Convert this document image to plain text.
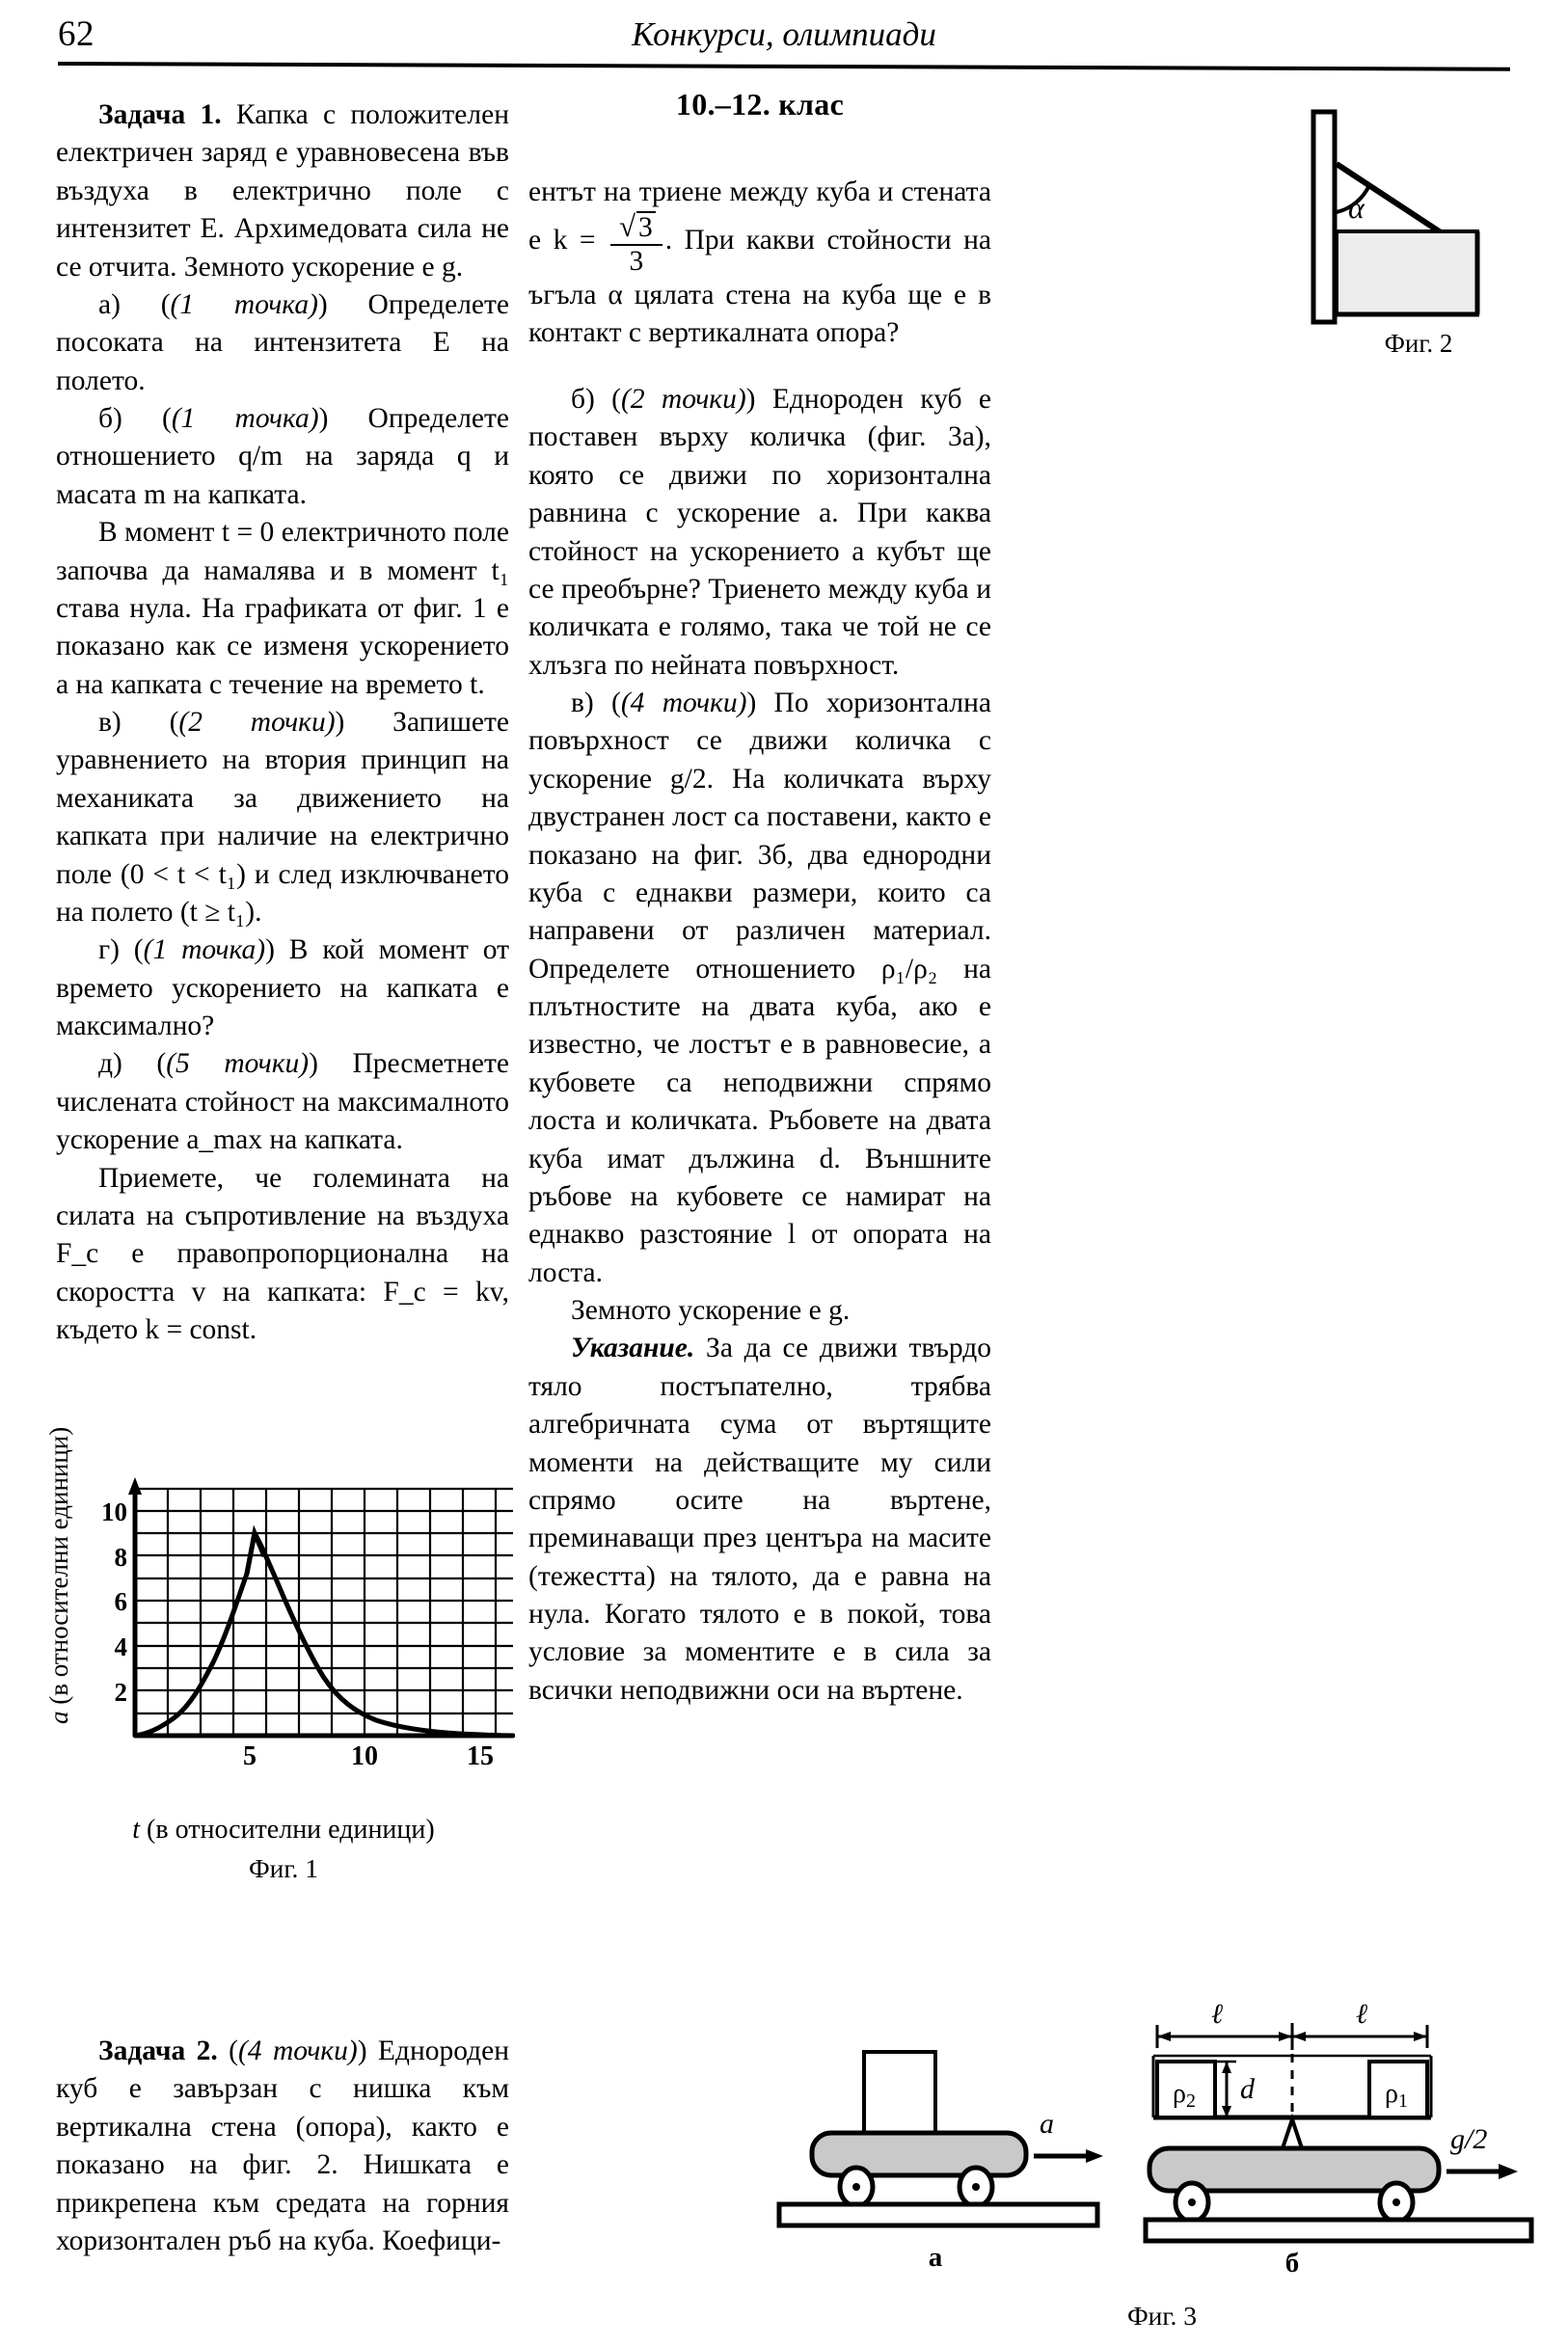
62	Конкурси, олимпиади
10.–12. клас

Задача 1. Капка с положителен електричен заряд е уравновесена във въздуха в електрично поле с интензитет E. Архимедовата сила не се отчита. Земното ускорение е g.

а) ((1 точка)) Определете посоката на интензитета E на полето.

б) ((1 точка)) Определете отношението q/m на заряда q и масата m на капката.

В момент t = 0 електричното поле започва да намалява и в момент t₁ става нула. На графиката от фиг. 1 е показано как се изменя ускорението a на капката с течение на времето t.

в) ((2 точки)) Запишете уравнението на втория принцип на механиката за движението на капката при наличие на електрично поле (0 < t < t₁) и след изключването на полето (t ≥ t₁).

г) ((1 точка)) В кой момент от времето ускорението на капката е максимално?

д) ((5 точки)) Пресметнете числената стойност на максималното ускорение a_max на капката.

Приемете, че големината на силата на съпротивление на въздуха F_c е правопропорционална на скоростта v на капката: F_c = kv, където k = const.

a (в относителни единици) 10
8
6
4
2
5	10	15
t (в относителни единици)
Фиг. 1

Задача 2. ((4 точки)) Еднороден куб е завързан с нишка към вертикална стена (опора), както е показано на фиг. 2. Нишката е прикрепена към средата на горния хоризонтален ръб на куба. Коефици-

ентът на триене между куба и стената е $k = \frac{√ 3}{3}$ . При какви стойности на ъгъла α цялата стена на куба ще е в контакт с вертикалната опора?

б) ((2 точки)) Еднороден куб е поставен върху количка (фиг. 3а), която се движи по хоризонтална равнина с ускорение a. При каква стойност на ускорението a кубът ще се преобърне? Триенето между куба и количката е голямо, така че той не се хлъзга по нейната повърхност.

в) ((4 точки)) По хоризонтална повърхност се движи количка с ускорение g/2. На количката върху двустранен лост са поставени, както е показано на фиг. 3б, два еднородни куба с еднакви размери, които са направени от различен материал. Определете отношението ρ₁/ρ₂ на плътностите на двата куба, ако е известно, че лостът е в равновесие, а кубовете са неподвижни спрямо лоста и количката. Ръбовете на двата куба имат дължина d. Външните ръбове на кубовете се намират на еднакво разстояние l от опората на лоста.

Земното ускорение е g.

Указание. За да се движи твърдо тяло постъпателно, трябва алгебричната сума от въртящите моменти на действащите му сили спрямо осите на въртене, преминаващи през центъра на масите (тежестта) на тялото, да е равна на нула. Когато тялото е в покой, това условие за моментите е в сила за всички неподвижни оси на въртене.

α
Фиг. 2
a
а
ℓ	ℓ
ρ2	ρ1
d
g/2
б
Фиг. 3
